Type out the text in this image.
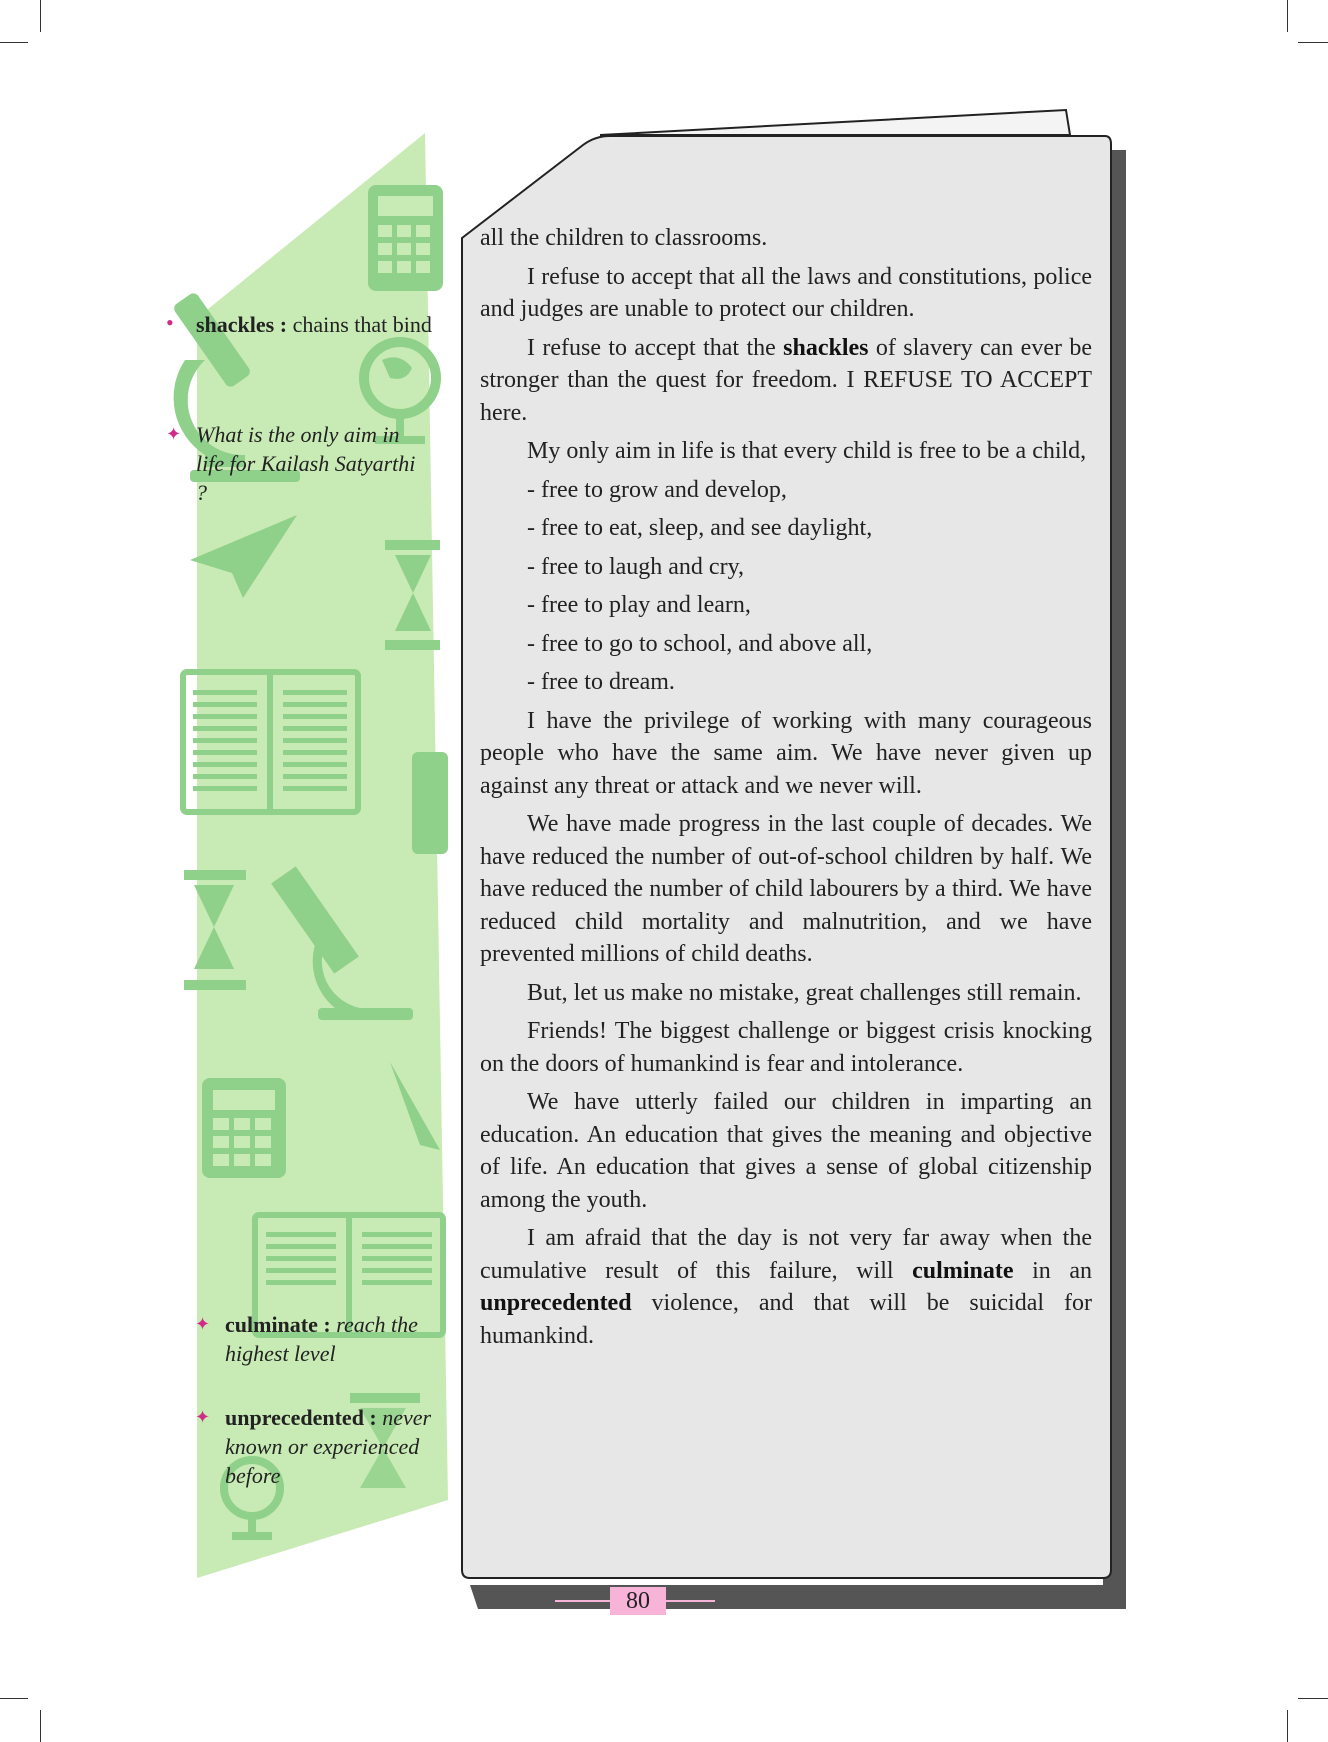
all the children to classrooms.

I refuse to accept that all the laws and constitutions, police and judges are unable to protect our children.

I refuse to accept that the shackles of slavery can ever be stronger than the quest for freedom. I REFUSE TO ACCEPT here.

My only aim in life is that every child is free to be a child,

- free to grow and develop,
- free to eat, sleep, and see daylight,
- free to laugh and cry,
- free to play and learn,
- free to go to school, and above all,
- free to dream.

I have the privilege of working with many courageous people who have the same aim. We have never given up against any threat or attack and we never will.

We have made progress in the last couple of decades. We have reduced the number of out-of-school children by half. We have reduced the number of child labourers by a third. We have reduced child mortality and malnutrition, and we have prevented millions of child deaths.

But, let us make no mistake, great challenges still remain.

Friends! The biggest challenge or biggest crisis knocking on the doors of humankind is fear and intolerance.

We have utterly failed our children in imparting an education. An education that gives the meaning and objective of life. An education that gives a sense of global citizenship among the youth.

I am afraid that the day is not very far away when the cumulative result of this failure, will culminate in an unprecedented violence, and that will be suicidal for humankind.

• shackles : chains that bind
✦ What is the only aim in life for Kailash Satyarthi ?
✦ culminate : reach the highest level
✦ unprecedented : never known or experienced before
80
